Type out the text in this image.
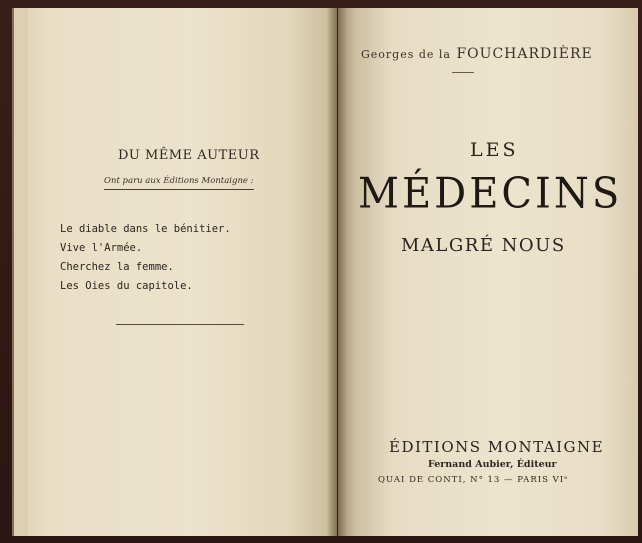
DU MÊME AUTEUR
Ont paru aux Éditions Montaigne :
Le diable dans le bénitier.
Vive l'Armée.
Cherchez la femme.
Les Oies du capitole.
Georges de la FOUCHARDIÈRE
LES
MÉDECINS
MALGRÉ NOUS
ÉDITIONS MONTAIGNE
Fernand Aubier, Éditeur
QUAI DE CONTI, N° 13 — PARIS VIᵉ
